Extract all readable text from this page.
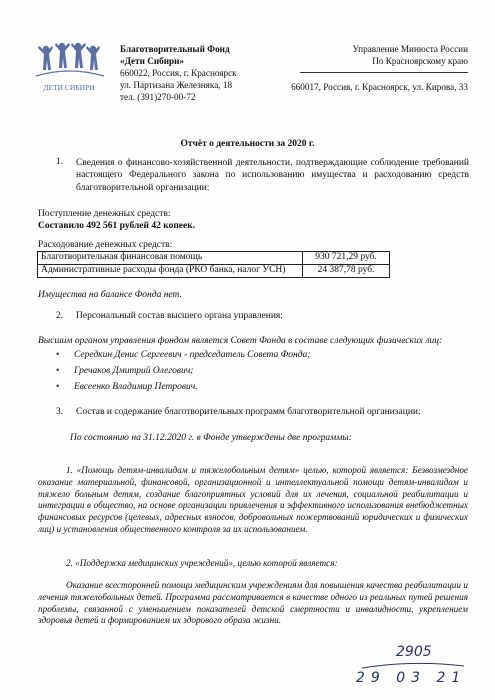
ДЕТИ СИБИРИ
Благотворительный Фонд
«Дети Сибири»
660022, Россия, г. Красноярск
ул. Партизана Железняка, 18
тел. (391)270-00-72
Управление Минюста России
По Красноярскому краю
660017, Россия, г. Красноярск, ул. Кирова, 33
Отчёт о деятельности за 2020 г.
1. Сведения о финансово-хозяйственной деятельности, подтверждающие соблюдение требований настоящего Федерального закона по использованию имущества и расходованию средств благотворительной организации:
Поступление денежных средств:
Составило 492 561 рублей 42 копеек.
Расходование денежных средств:
Благотворительная финансовая помощь	930 721,29 руб.
Административные расходы фонда (РКО банка, налог УСН)	24 387,78 руб.
Имущества на балансе Фонда нет.
2. Персональный состав высшего органа управления:
Высшим органом управления фондом является Совет Фонда в составе следующих физических лиц:
• Середкин Денис Сергеевич - председатель Совета Фонда;
• Гречаков Дмитрий Олегович;
• Евсеенко Владимир Петрович.
3. Состав и содержание благотворительных программ благотворительной организации:
По состоянию на 31.12.2020 г. в Фонде утверждены две программы:
1. «Помощь детям-инвалидам и тяжелобольным детям» целью, которой является: Безвозмездное оказание материальной, финансовой, организационной и интеллектуальной помощи детям-инвалидам и тяжело больным детям, создание благоприятных условий для их лечения, социальной реабилитации и интеграции в общество, на основе организации привлечения и эффективного использования внебюджетных финансовых ресурсов (целевых, адресных взносов, добровольных пожертвований юридических и физических лиц) и установления общественного контроля за их использованием.
2. «Поддержка медицинских учреждений», целью которой является:
Оказание всесторонней помощи медицинским учреждениям для повышения качества реабилитации и лечения тяжелобольных детей. Программа рассматривается в качестве одного из реальных путей решения проблемы, связанной с уменьшением показателей детской смертности и инвалидности, укреплением здоровья детей и формированием их здорового образа жизни.
2905
29 03 21
